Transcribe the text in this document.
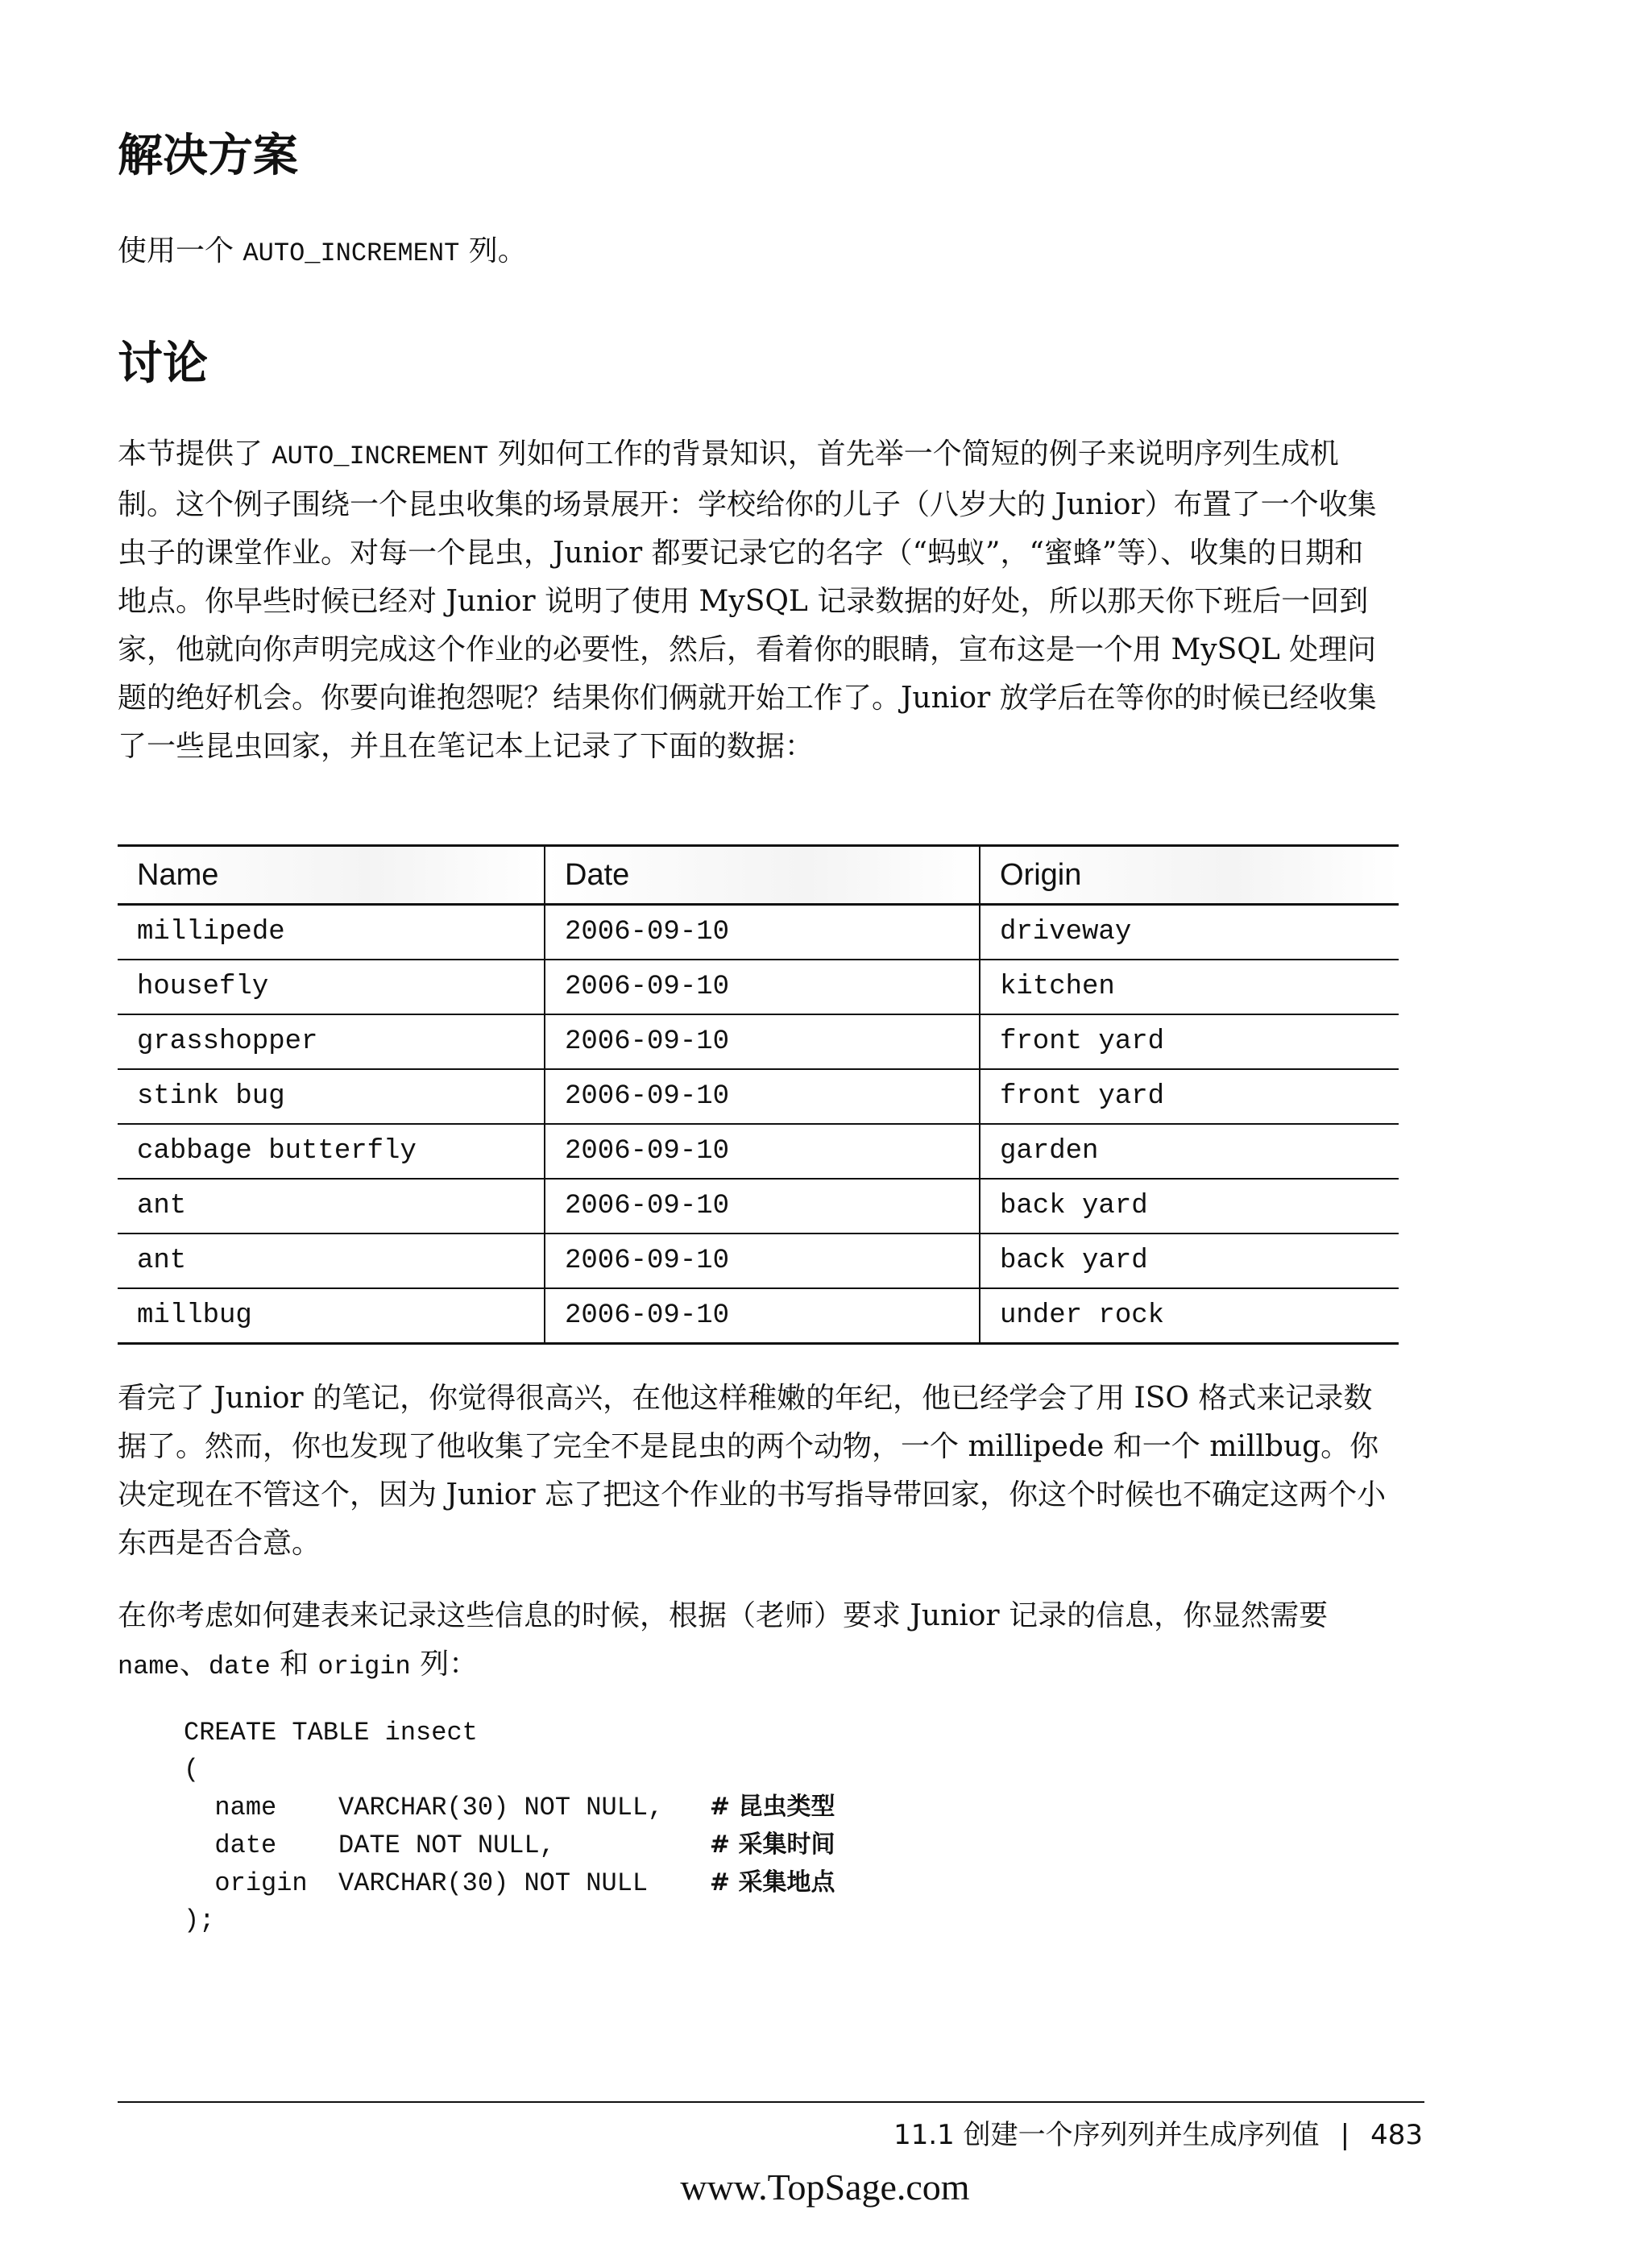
解决方案

使用一个 AUTO_INCREMENT 列。

讨论

本节提供了 AUTO_INCREMENT 列如何工作的背景知识，首先举一个简短的例子来说明序列生成机制。这个例子围绕一个昆虫收集的场景展开：学校给你的儿子（八岁大的 Junior）布置了一个收集虫子的课堂作业。对每一个昆虫，Junior 都要记录它的名字（“蚂蚁”，“蜜蜂”等）、收集的日期和地点。你早些时候已经对 Junior 说明了使用 MySQL 记录数据的好处，所以那天你下班后一回到家，他就向你声明完成这个作业的必要性，然后，看着你的眼睛，宣布这是一个用 MySQL 处理问题的绝好机会。你要向谁抱怨呢？结果你们俩就开始工作了。Junior 放学后在等你的时候已经收集了一些昆虫回家，并且在笔记本上记录了下面的数据：

Name	Date	Origin
millipede	2006-09-10	driveway
housefly	2006-09-10	kitchen
grasshopper	2006-09-10	front yard
stink bug	2006-09-10	front yard
cabbage butterfly	2006-09-10	garden
ant	2006-09-10	back yard
ant	2006-09-10	back yard
millbug	2006-09-10	under rock

看完了 Junior 的笔记，你觉得很高兴，在他这样稚嫩的年纪，他已经学会了用 ISO 格式来记录数据了。然而，你也发现了他收集了完全不是昆虫的两个动物，一个 millipede 和一个 millbug。你决定现在不管这个，因为 Junior 忘了把这个作业的书写指导带回家，你这个时候也不确定这两个小东西是否合意。

在你考虑如何建表来记录这些信息的时候，根据（老师）要求 Junior 记录的信息，你显然需要 name、date 和 origin 列：

CREATE TABLE insect
(
name    VARCHAR(30) NOT NULL,   # 昆虫类型
date    DATE NOT NULL,          # 采集时间
origin  VARCHAR(30) NOT NULL    # 采集地点
);
11.1 创建一个序列列并生成序列值 | 483
www.TopSage.com
